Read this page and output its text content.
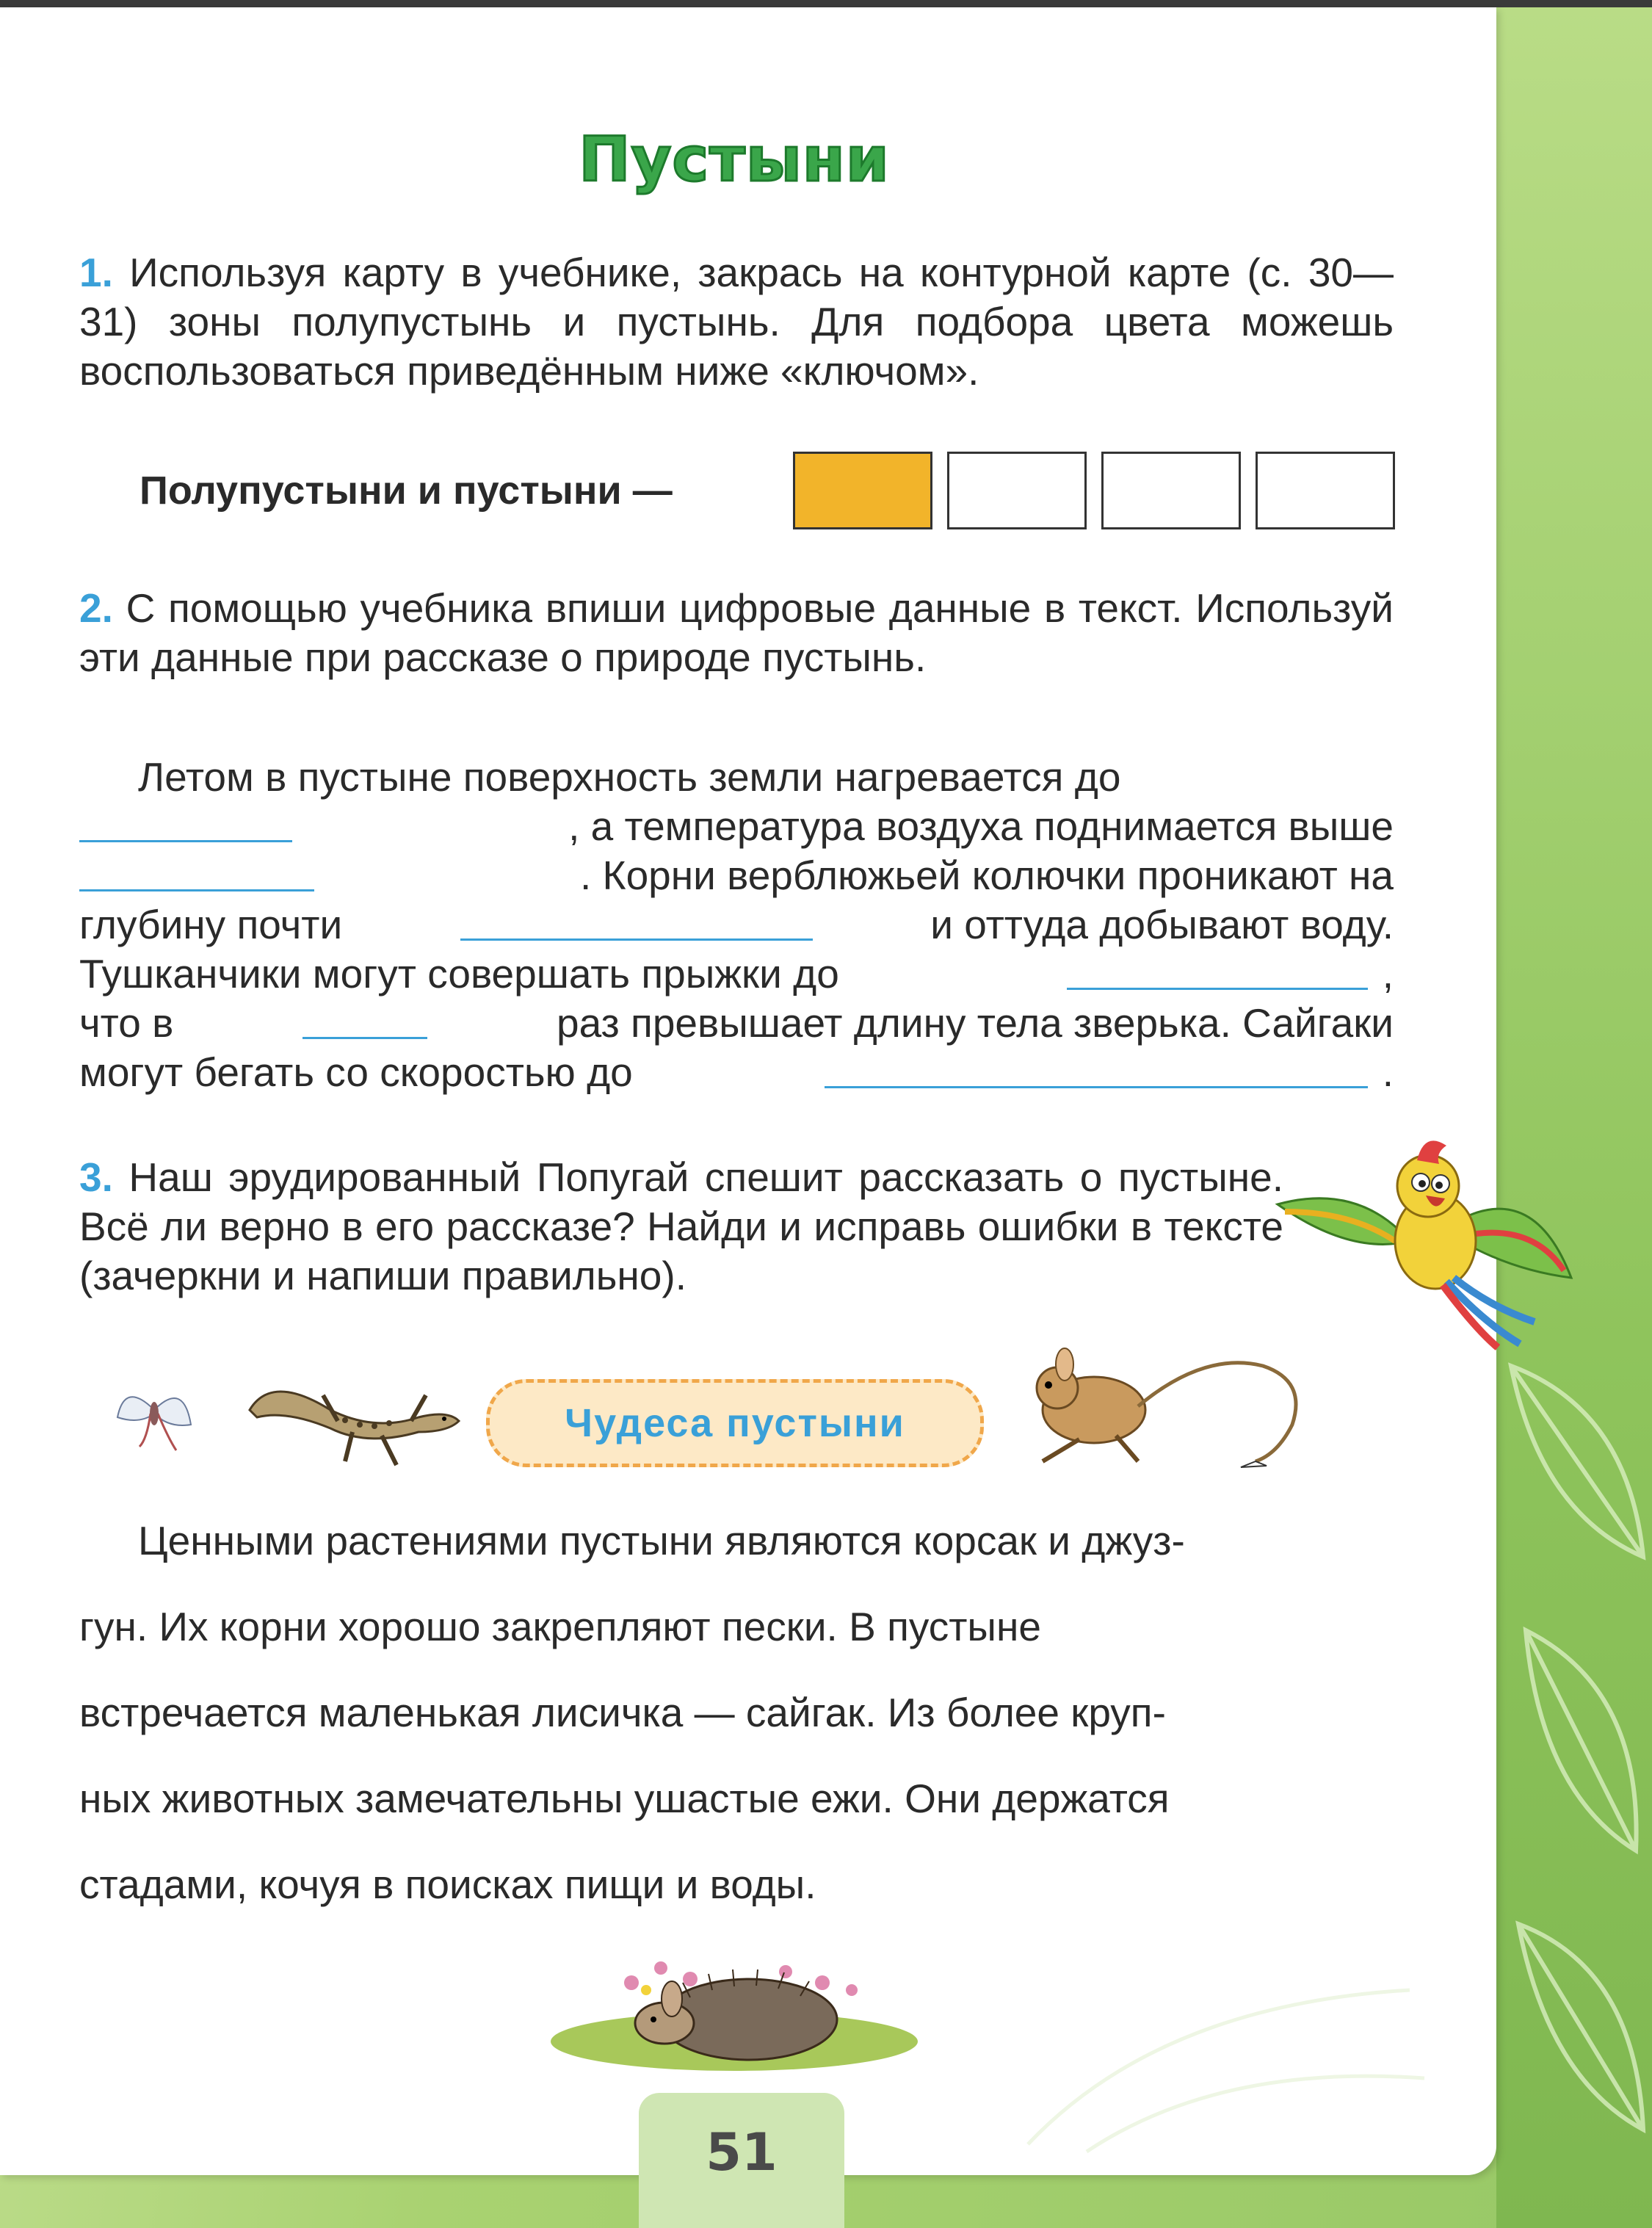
Пустыни
1. Используя карту в учебнике, закрась на контурной карте (с. 30—31) зоны полупустынь и пустынь. Для подбора цвета можешь воспользоваться приведённым ниже «ключом».
Полупустыни и пустыни —
2. С помощью учебника впиши цифровые данные в текст. Используй эти данные при рассказе о природе пустынь.
Летом в пустыне поверхность земли нагревается до
, а температура воздуха поднимается выше
. Корни верблюжьей колючки проникают на
глубину почти	и оттуда добывают воду.
Тушканчики могут совершать прыжки до	,
что в	раз превышает длину тела зверька. Сайгаки
могут бегать со скоростью до	.
3. Наш эрудированный Попугай спешит рассказать о пустыне. Всё ли верно в его рассказе? Найди и исправь ошибки в тексте (зачеркни и напиши правильно).
Чудеса пустыни
Ценными растениями пустыни являются корсак и джуз-
гун. Их корни хорошо закрепляют пески. В пустыне
встречается маленькая лисичка — сайгак. Из более круп-
ных животных замечательны ушастые ежи. Они держатся
стадами, кочуя в поисках пищи и воды.
51
